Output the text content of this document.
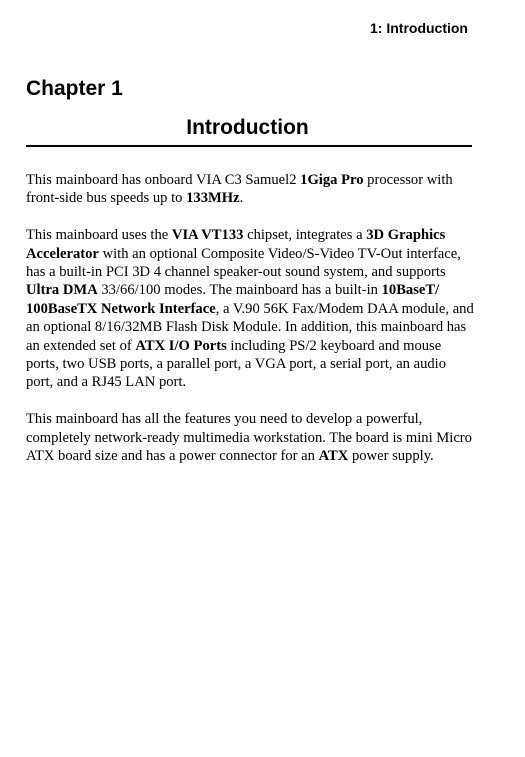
1: Introduction
Chapter 1
Introduction

This mainboard has onboard VIA C3 Samuel2 1Giga Pro processor with front-side bus speeds up to 133MHz.

This mainboard uses the VIA VT133 chipset, integrates a 3D Graphics Accelerator with an optional Composite Video/S-Video TV-Out interface, has a built-in PCI 3D 4 channel speaker-out sound system, and supports Ultra DMA 33/66/100 modes. The mainboard has a built-in 10BaseT/ 100BaseTX Network Interface, a V.90 56K Fax/Modem DAA module, and an optional 8/16/32MB Flash Disk Module. In addition, this mainboard has an extended set of ATX I/O Ports including PS/2 keyboard and mouse ports, two USB ports, a parallel port, a VGA port, a serial port, an audio port, and a RJ45 LAN port.

This mainboard has all the features you need to develop a powerful, completely network-ready multimedia workstation. The board is mini Micro ATX board size and has a power connector for an ATX power supply.
